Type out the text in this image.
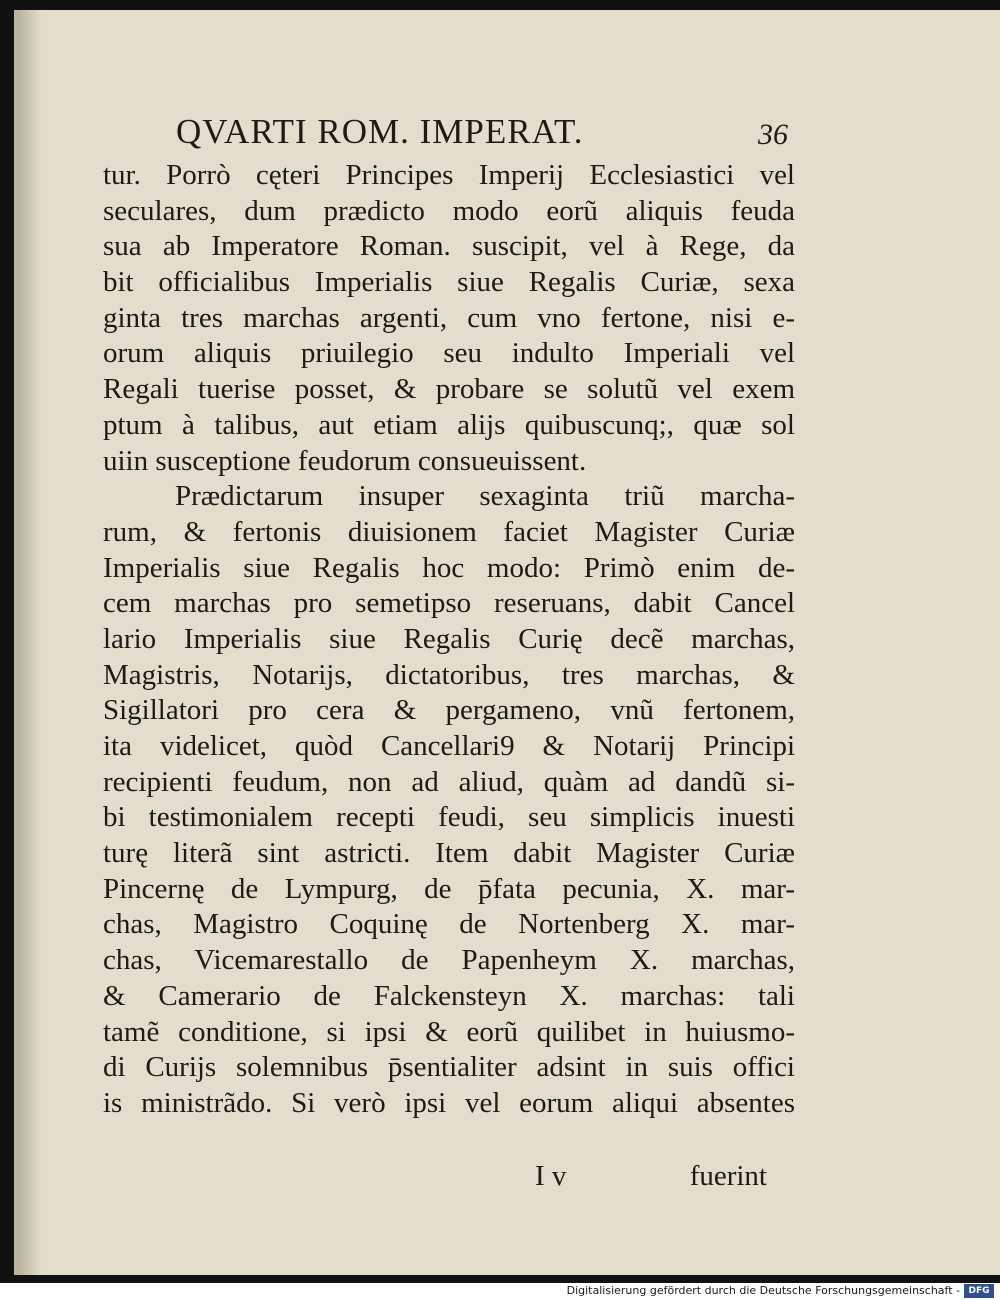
QVARTI ROM. IMPERAT.	36
tur. Porrò cęteri Principes Imperij Ecclesiastici vel
seculares, dum prædicto modo eorũ aliquis feuda
sua ab Imperatore Roman. suscipit, vel à Rege, da
bit officialibus Imperialis siue Regalis Curiæ, sexa
ginta tres marchas argenti, cum vno fertone, nisi e-
orum aliquis priuilegio seu indulto Imperiali vel
Regali tuerise posset, & probare se solutũ vel exem
ptum à talibus, aut etiam alijs quibuscunq;, quæ sol
uiin susceptione feudorum consueuissent.
Prædictarum insuper sexaginta triũ marcha-
rum, & fertonis diuisionem faciet Magister Curiæ
Imperialis siue Regalis hoc modo: Primò enim de-
cem marchas pro semetipso reseruans, dabit Cancel
lario Imperialis siue Regalis Curię decẽ marchas,
Magistris, Notarijs, dictatoribus, tres marchas, &
Sigillatori pro cera & pergameno, vnũ fertonem,
ita videlicet, quòd Cancellari9 & Notarij Principi
recipienti feudum, non ad aliud, quàm ad dandũ si-
bi testimonialem recepti feudi, seu simplicis inuesti
turę literã sint astricti. Item dabit Magister Curiæ
Pincernę de Lympurg, de p̄fata pecunia, X. mar-
chas, Magistro Coquinę de Nortenberg X. mar-
chas, Vicemarestallo de Papenheym X. marchas,
& Camerario de Falckensteyn X. marchas: tali
tamẽ conditione, si ipsi & eorũ quilibet in huiusmo-
di Curijs solemnibus p̄sentialiter adsint in suis offici
is ministrãdo. Si verò ipsi vel eorum aliqui absentes
I v	fuerint
Digitalisierung gefördert durch die Deutsche Forschungsgemeinschaft - DFG
